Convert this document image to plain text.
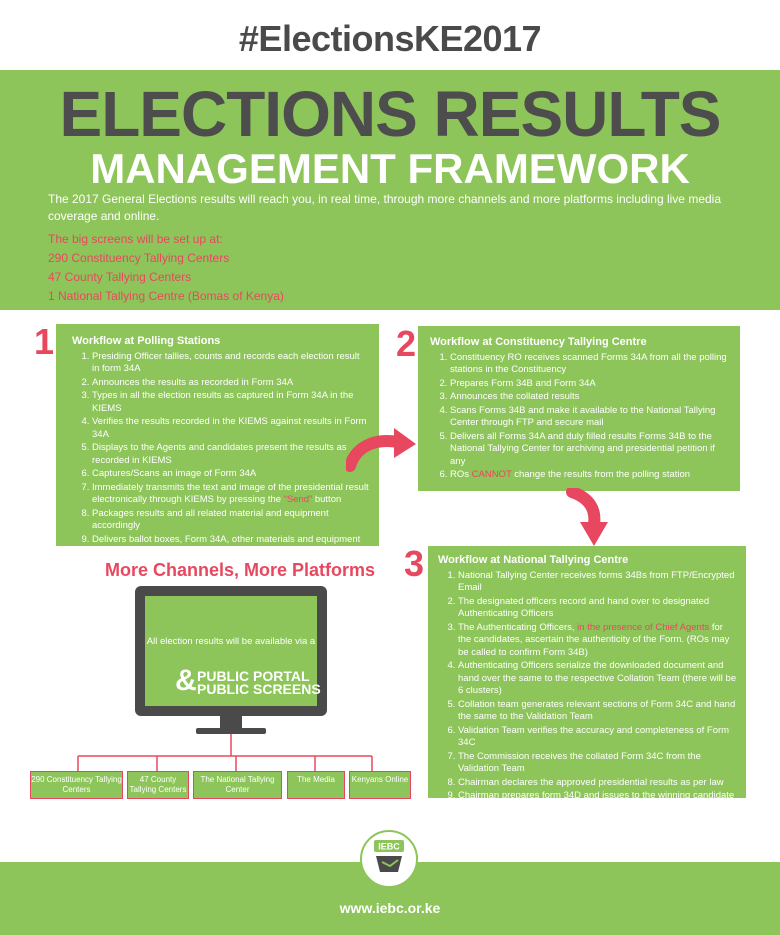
#ElectionsKE2017
ELECTIONS RESULTS
MANAGEMENT FRAMEWORK
The 2017 General Elections results will reach you, in real time, through more channels and more platforms including live media coverage and online.
The big screens will be set up at:
290 Constituency Tallying Centers
47 County Tallying Centers
1 National Tallying Centre (Bomas of Kenya)
1 Workflow at Polling Stations
1. Presiding Officer tallies, counts and records each election result in form 34A
2. Announces the results as recorded in Form 34A
3. Types in all the election results as captured in Form 34A in the KIEMS
4. Verifies the results recorded in the KIEMS against results in Form 34A
5. Displays to the Agents and candidates present the results as recorded in KIEMS
6. Captures/Scans an image of Form 34A
7. Immediately transmits the text and image of the presidential result electronically through KIEMS by pressing the “Send” button
8. Packages results and all related material and equipment accordingly
9. Delivers ballot boxes, Form 34A, other materials and equipment to Constituency Returning Officer
2 Workflow at Constituency Tallying Centre
1. Constituency RO receives scanned Forms 34A from all the polling stations in the Constituency
2. Prepares Form 34B and Form 34A
3. Announces the collated results
4. Scans Forms 34B and make it available to the National Tallying Center through FTP and secure mail
5. Delivers all Forms 34A and duly filled results Forms 34B to the National Tallying Center for archiving and presidential petition if any
6. ROs CANNOT change the results from the polling station
3 Workflow at National Tallying Centre
1. National Tallying Center receives forms 34Bs from FTP/Encrypted Email
2. The designated officers record and hand over to designated Authenticating Officers
3. The Authenticating Officers, in the presence of Chief Agents for the candidates, ascertain the authenticity of the Form. (ROs may be called to confirm Form 34B)
4. Authenticating Officers serialize the downloaded document and hand over the same to the respective Collation Team (there will be 6 clusters)
5. Collation team generates relevant sections of Form 34C and hand the same to the Validation Team
6. Validation Team verifies the accuracy and completeness of Form 34C
7. The Commission receives the collated Form 34C from the Validation Team
8. Chairman declares the approved presidential results as per law
9. Chairman prepares form 34D and issues to the winning candidate
More Channels, More Platforms
All election results will be available via a
& PUBLIC PORTAL
PUBLIC SCREENS
290 Constituency Tallying Centers
47 County Tallying Centers
The National Tallying Center
The Media	Kenyans Online
IEBC
www.iebc.or.ke
